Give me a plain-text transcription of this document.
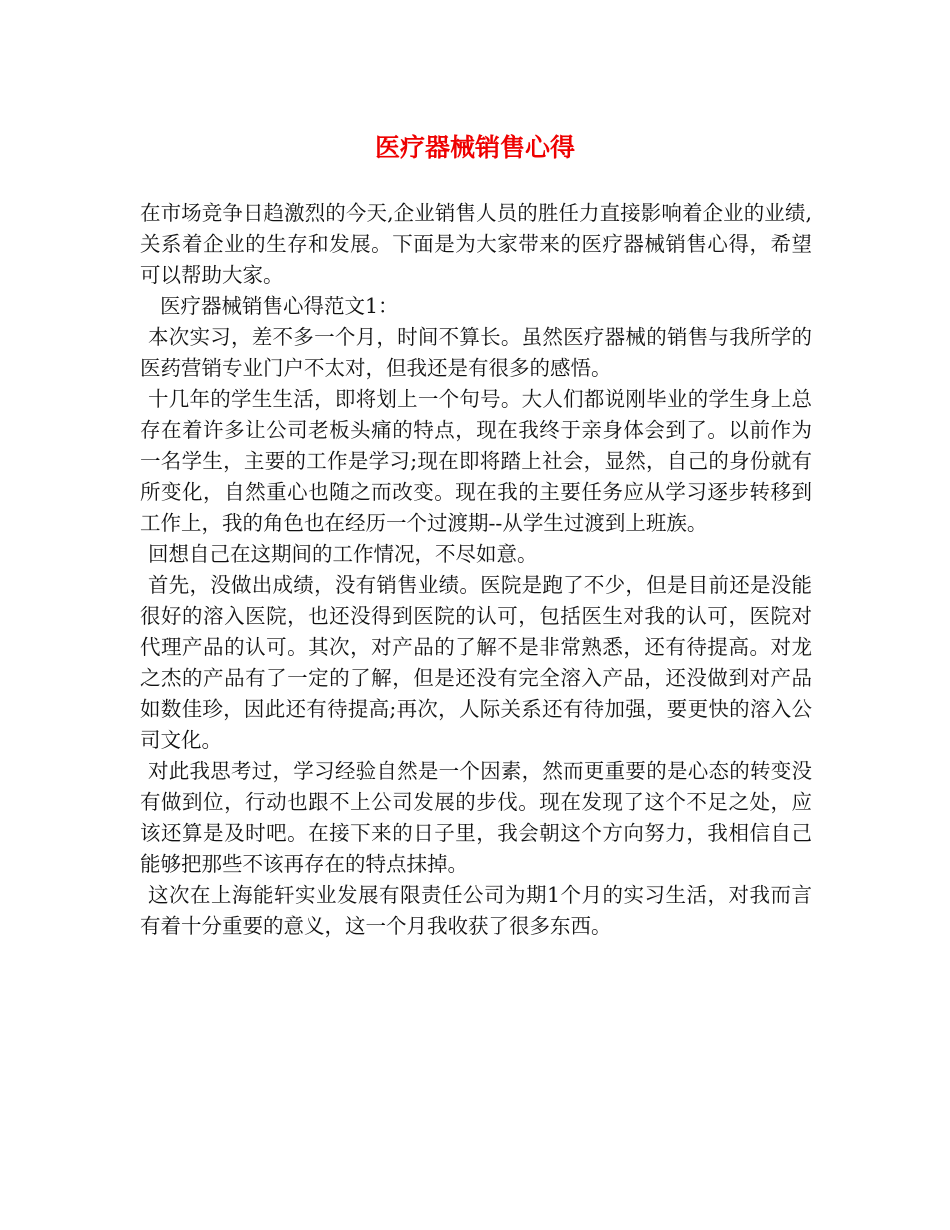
医疗器械销售心得

在市场竞争日趋激烈的今天,企业销售人员的胜任力直接影响着企业的业绩,关系着企业的生存和发展。下面是为大家带来的医疗器械销售心得，希望可以帮助大家。

医疗器械销售心得范文1：

本次实习，差不多一个月，时间不算长。虽然医疗器械的销售与我所学的医药营销专业门户不太对，但我还是有很多的感悟。

十几年的学生生活，即将划上一个句号。大人们都说刚毕业的学生身上总存在着许多让公司老板头痛的特点，现在我终于亲身体会到了。以前作为一名学生，主要的工作是学习;现在即将踏上社会，显然，自己的身份就有所变化，自然重心也随之而改变。现在我的主要任务应从学习逐步转移到工作上，我的角色也在经历一个过渡期--从学生过渡到上班族。

回想自己在这期间的工作情况，不尽如意。

首先，没做出成绩，没有销售业绩。医院是跑了不少，但是目前还是没能很好的溶入医院，也还没得到医院的认可，包括医生对我的认可，医院对代理产品的认可。其次，对产品的了解不是非常熟悉，还有待提高。对龙之杰的产品有了一定的了解，但是还没有完全溶入产品，还没做到对产品如数佳珍，因此还有待提高;再次，人际关系还有待加强，要更快的溶入公司文化。

对此我思考过，学习经验自然是一个因素，然而更重要的是心态的转变没有做到位，行动也跟不上公司发展的步伐。现在发现了这个不足之处，应该还算是及时吧。在接下来的日子里，我会朝这个方向努力，我相信自己能够把那些不该再存在的特点抹掉。

这次在上海能轩实业发展有限责任公司为期1个月的实习生活，对我而言有着十分重要的意义，这一个月我收获了很多东西。
